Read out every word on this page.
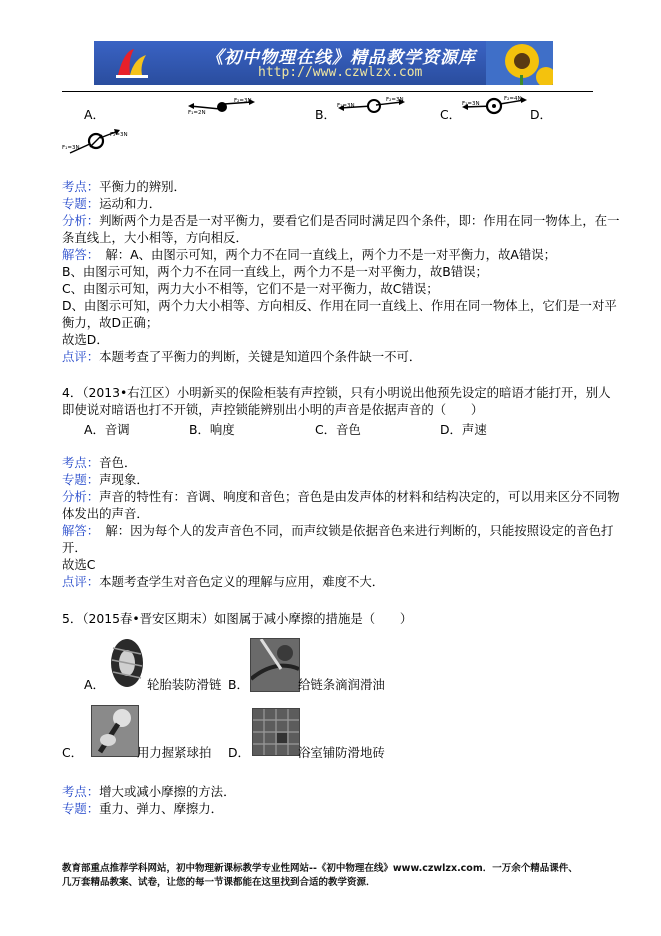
《初中物理在线》精品教学资源库
http://www.czwlzx.com
A．	F₁=2N
F₂=3N
B．
F₁=3N
F₂=3N
C．
F₁=3N
F₂=4N
D．
F₁=3N
F₂=3N
考点：平衡力的辨别．
专题：运动和力．
分析：判断两个力是否是一对平衡力，要看它们是否同时满足四个条件，即：作用在同一物体上，在一
条直线上，大小相等，方向相反．
解答：　解：A、由图示可知，两个力不在同一直线上，两个力不是一对平衡力，故A错误；
B、由图示可知，两个力不在同一直线上，两个力不是一对平衡力，故B错误；
C、由图示可知，两力大小不相等，它们不是一对平衡力，故C错误；
D、由图示可知，两个力大小相等、方向相反、作用在同一直线上、作用在同一物体上，它们是一对平
衡力，故D正确；
故选D．
点评：本题考查了平衡力的判断，关键是知道四个条件缺一不可．
4．（2013•右江区）小明新买的保险柜装有声控锁，只有小明说出他预先设定的暗语才能打开，别人
即使说对暗语也打不开锁，声控锁能辨别出小明的声音是依据声音的（　　）
A．音调	B．响度	C．音色	D．声速
考点：音色．
专题：声现象．
分析：声音的特性有：音调、响度和音色；音色是由发声体的材料和结构决定的，可以用来区分不同物
体发出的声音．
解答：　解：因为每个人的发声音色不同，而声纹锁是依据音色来进行判断的，只能按照设定的音色打
开．
故选C
点评：本题考查学生对音色定义的理解与应用，难度不大．
5．（2015春•晋安区期末）如图属于减小摩擦的措施是（　　）
A．	轮胎装防滑链 B．	给链条滴润滑油
C．	用力握紧球拍 D．	浴室铺防滑地砖
考点：增大或减小摩擦的方法．
专题：重力、弹力、摩擦力．
教育部重点推荐学科网站，初中物理新课标教学专业性网站--《初中物理在线》www.czwlzx.com．一万余个精品课件、
几万套精品教案、试卷，让您的每一节课都能在这里找到合适的教学资源．
